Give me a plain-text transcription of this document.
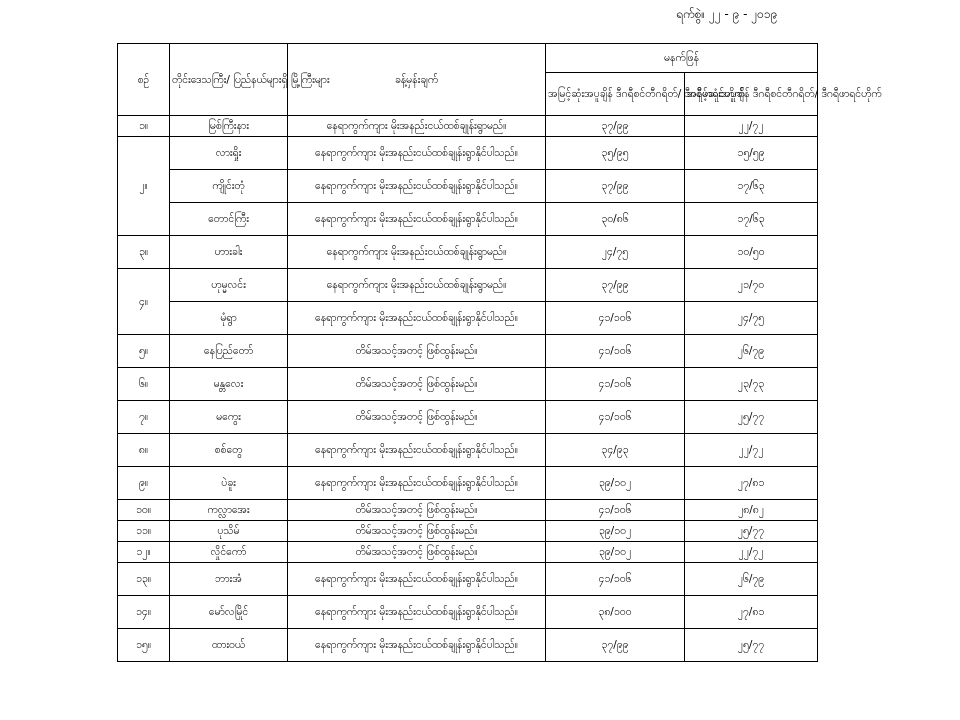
ရက်စွဲ။ ၂၂ - ၉ - ၂၀၁၉
စဉ်	တိုင်းဒေသကြီး/ ပြည်နယ်များရှိ မြို့ကြီးများ	ခန့်မှန်းချက်	မနက်ဖြန်	
			အမြင့်ဆုံးအပူချိန် ဒီဂရီစင်တီဂရိတ်/ ဒီဂရီဖာရင်ဟိုက်	အနိမ့်ဆုံးအပူချိန် ဒီဂရီစင်တီဂရိတ်/ ဒီဂရီဖာရင်ဟိုက်
၁။	မြစ်ကြီးနား	နေရာကွက်ကျား မိုးအနည်းငယ်ထစ်ချုန်းရွာမည်။	၃၇/၉၉	၂၂/၇၂
၂။	လားရှိုး	နေရာကွက်ကျား မိုးအနည်းငယ်ထစ်ချုန်းရွာနိုင်ပါသည်။	၃၅/၉၅	၁၅/၅၉
	ကျိုင်းတုံ	နေရာကွက်ကျား မိုးအနည်းငယ်ထစ်ချုန်းရွာနိုင်ပါသည်။	၃၇/၉၉	၁၇/၆၃
	တောင်ကြီး	နေရာကွက်ကျား မိုးအနည်းငယ်ထစ်ချုန်းရွာနိုင်ပါသည်။	၃၀/၈၆	၁၇/၆၃
၃။	ဟားခါး	နေရာကွက်ကျား မိုးအနည်းငယ်ထစ်ချုန်းရွာမည်။	၂၄/၇၅	၁၀/၅၀
၄။	ဟုမ္မလင်း	နေရာကွက်ကျား မိုးအနည်းငယ်ထစ်ချုန်းရွာမည်။	၃၇/၉၉	၂၁/၇၀
	မုံရွာ	နေရာကွက်ကျား မိုးအနည်းငယ်ထစ်ချုန်းရွာနိုင်ပါသည်။	၄၁/၁၀၆	၂၄/၇၅
၅။	နေပြည်တော်	တိမ်အသင့်အတင့် ဖြစ်ထွန်းမည်။	၄၁/၁၀၆	၂၆/၇၉
၆။	မန္တလေး	တိမ်အသင့်အတင့် ဖြစ်ထွန်းမည်။	၄၁/၁၀၆	၂၃/၇၃
၇။	မကွေး	တိမ်အသင့်အတင့် ဖြစ်ထွန်းမည်။	၄၁/၁၀၆	၂၅/၇၇
၈။	စစ်တွေ	နေရာကွက်ကျား မိုးအနည်းငယ်ထစ်ချုန်းရွာနိုင်ပါသည်။	၃၄/၉၃	၂၂/၇၂
၉။	ပဲခူး	နေရာကွက်ကျား မိုးအနည်းငယ်ထစ်ချုန်းရွာနိုင်ပါသည်။	၃၉/၁၀၂	၂၇/၈၁
၁၀။	ကလ္လာအေး	တိမ်အသင့်အတင့် ဖြစ်ထွန်းမည်။	၄၁/၁၀၆	၂၈/၈၂
၁၁။	ပုသိမ်	တိမ်အသင့်အတင့် ဖြစ်ထွန်းမည်။	၃၉/၁၀၂	၂၅/၇၇
၁၂။	လှိုင်ကော်	တိမ်အသင့်အတင့် ဖြစ်ထွန်းမည်။	၃၉/၁၀၂	၂၂/၇၂
၁၃။	ဘားအံ	နေရာကွက်ကျား မိုးအနည်းငယ်ထစ်ချုန်းရွာနိုင်ပါသည်။	၄၁/၁၀၆	၂၆/၇၉
၁၄။	မော်လမြိုင်	နေရာကွက်ကျား မိုးအနည်းငယ်ထစ်ချုန်းရွာနိုင်ပါသည်။	၃၈/၁၀၀	၂၇/၈၁
၁၅။	ထားဝယ်	နေရာကွက်ကျား မိုးအနည်းငယ်ထစ်ချုန်းရွာနိုင်ပါသည်။	၃၇/၉၉	၂၅/၇၇
